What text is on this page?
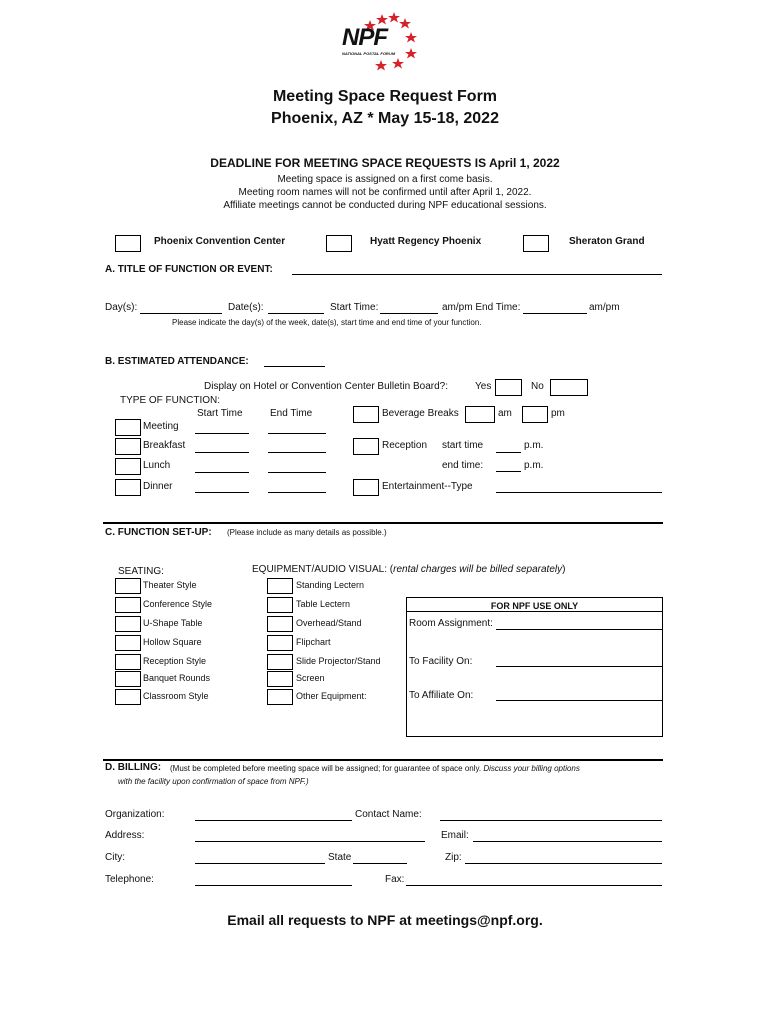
NPF
NATIONAL POSTAL FORUM
Meeting Space Request Form
Phoenix, AZ * May 15-18, 2022
DEADLINE FOR MEETING SPACE REQUESTS IS April 1, 2022
Meeting space is assigned on a first come basis.
Meeting room names will not be confirmed until after April 1, 2022.
Affiliate meetings cannot be conducted during NPF educational sessions.
Phoenix Convention Center	Hyatt Regency Phoenix	Sheraton Grand
A. TITLE OF FUNCTION OR EVENT:
Day(s):	Date(s):	Start Time:	am/pm End Time:	am/pm
Please indicate the day(s) of the week, date(s), start time and end time of your function.
B. ESTIMATED ATTENDANCE:
Display on Hotel or Convention Center Bulletin Board?:	Yes	No
TYPE OF FUNCTION:
Start Time	End Time
Meeting
Breakfast
Lunch
Dinner
Beverage Breaks	am	pm
Reception start time	p.m.
end time:	p.m.
Entertainment--Type
C. FUNCTION SET-UP: (Please include as many details as possible.)
SEATING:	EQUIPMENT/AUDIO VISUAL: (rental charges will be billed separately)
Theater Style
Conference Style
U-Shape Table
Hollow Square
Reception Style
Banquet Rounds
Classroom Style
Standing Lectern
Table Lectern
Overhead/Stand
Flipchart
Slide Projector/Stand
Screen
Other Equipment:
FOR NPF USE ONLY
Room Assignment:
To Facility On:
To Affiliate On:
D. BILLING: (Must be completed before meeting space will be assigned; for guarantee of space only. Discuss your billing options
with the facility upon confirmation of space from NPF.)
Organization:	Contact Name:
Address:	Email:
City:	State	Zip:
Telephone:	Fax:
Email all requests to NPF at meetings@npf.org.
